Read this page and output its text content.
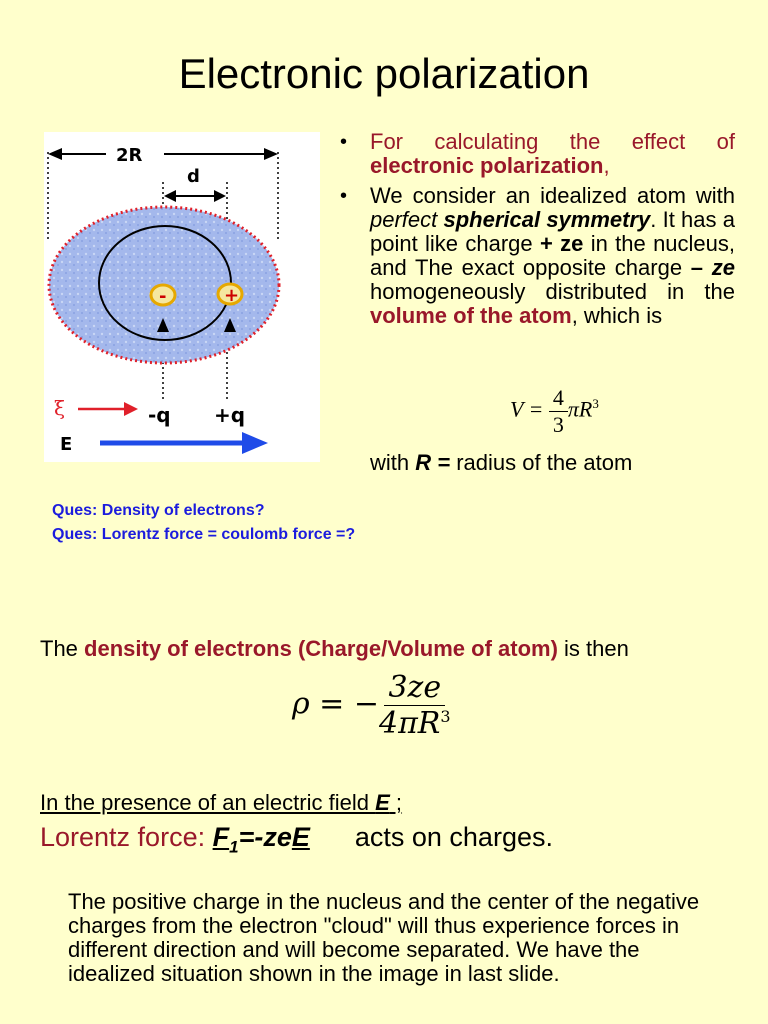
Electronic polarization
2R
d
-	+
ξ	-q +q
E
• For calculating the effect of electronic polarization,
• We consider an idealized atom with perfect spherical symmetry. It has a point like charge + ze in the nucleus, and The exact opposite charge – ze homogeneously distributed in the volume of the atom, which is
$V = \frac{4}{3} \pi R^3$
with R = radius of the atom
Ques: Density of electrons?
Ques: Lorentz force = coulomb force =?
The density of electrons (Charge/Volume of atom) is then
ρ = − $\frac{3ze}{4\pi R^3}$
In the presence of an electric field E ;
Lorentz force: $F_1=$-zeE      acts on charges.
The positive charge in the nucleus and the center of the negative charges from the electron "cloud" will thus experience forces in different direction and will become separated. We have the idealized situation shown in the image in last slide.
